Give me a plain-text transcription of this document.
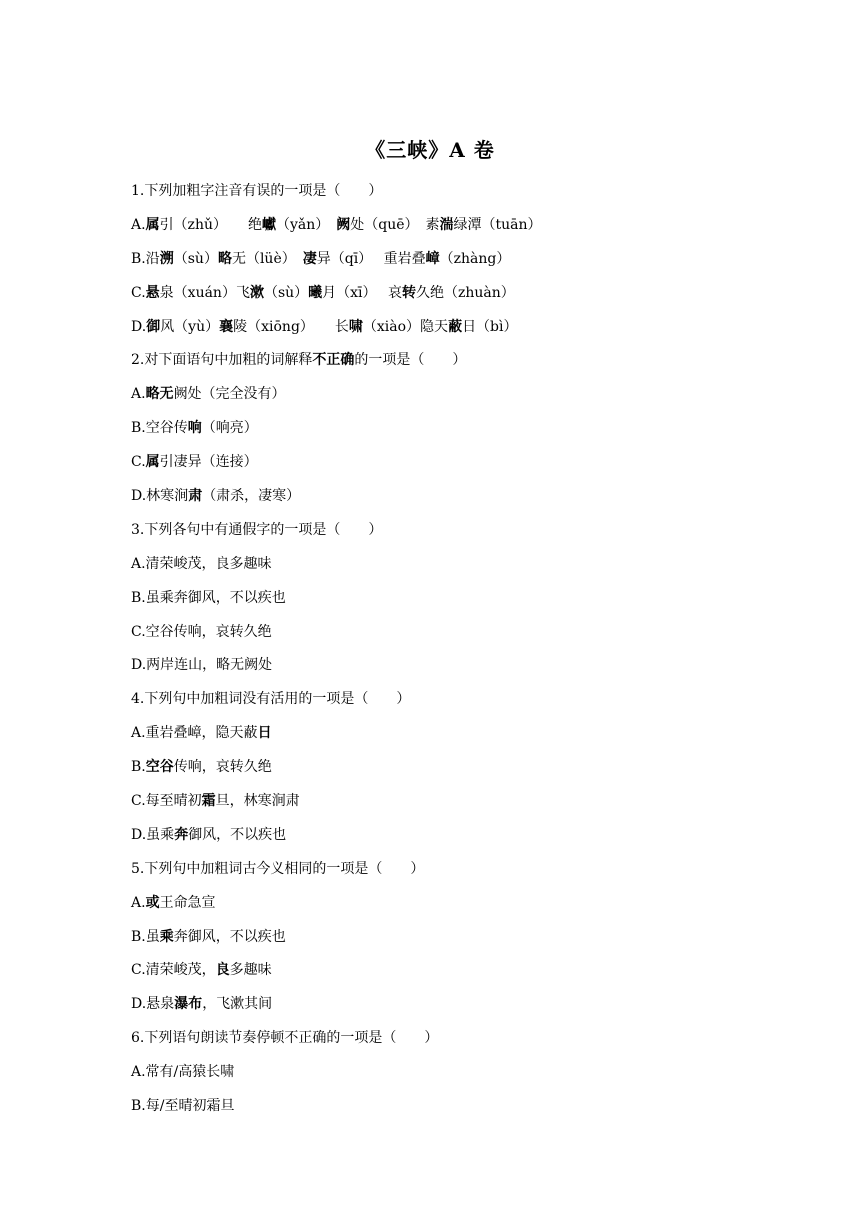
《三峡》A 卷
1.下列加粗字注音有误的一项是（　　）
A.属引（zhǔ）　　绝巘（yǎn）　阙处（quē）　素湍绿潭（tuān）
B.沿溯（sù）略无（lüè）　凄异（qī）　 重岩叠嶂（zhàng）
C.悬泉（xuán）飞漱（sù）曦月（xī）　 哀转久绝（zhuàn）
D.御风（yù）襄陵（xiōng）　　长啸（xiào）隐天蔽日（bì）
2.对下面语句中加粗的词解释不正确的一项是（　　）
A.略无阙处（完全没有）
B.空谷传响（响亮）
C.属引凄异（连接）
D.林寒涧肃（肃杀，凄寒）
3.下列各句中有通假字的一项是（　　）
A.清荣峻茂，良多趣味
B.虽乘奔御风，不以疾也
C.空谷传响，哀转久绝
D.两岸连山，略无阙处
4.下列句中加粗词没有活用的一项是（　　）
A.重岩叠嶂，隐天蔽日
B.空谷传响，哀转久绝
C.每至晴初霜旦，林寒涧肃
D.虽乘奔御风，不以疾也
5.下列句中加粗词古今义相同的一项是（　　）
A.或王命急宣
B.虽乘奔御风，不以疾也
C.清荣峻茂，良多趣味
D.悬泉瀑布，飞漱其间
6.下列语句朗读节奏停顿不正确的一项是（　　）
A.常有/高猿长啸
B.每/至晴初霜旦
